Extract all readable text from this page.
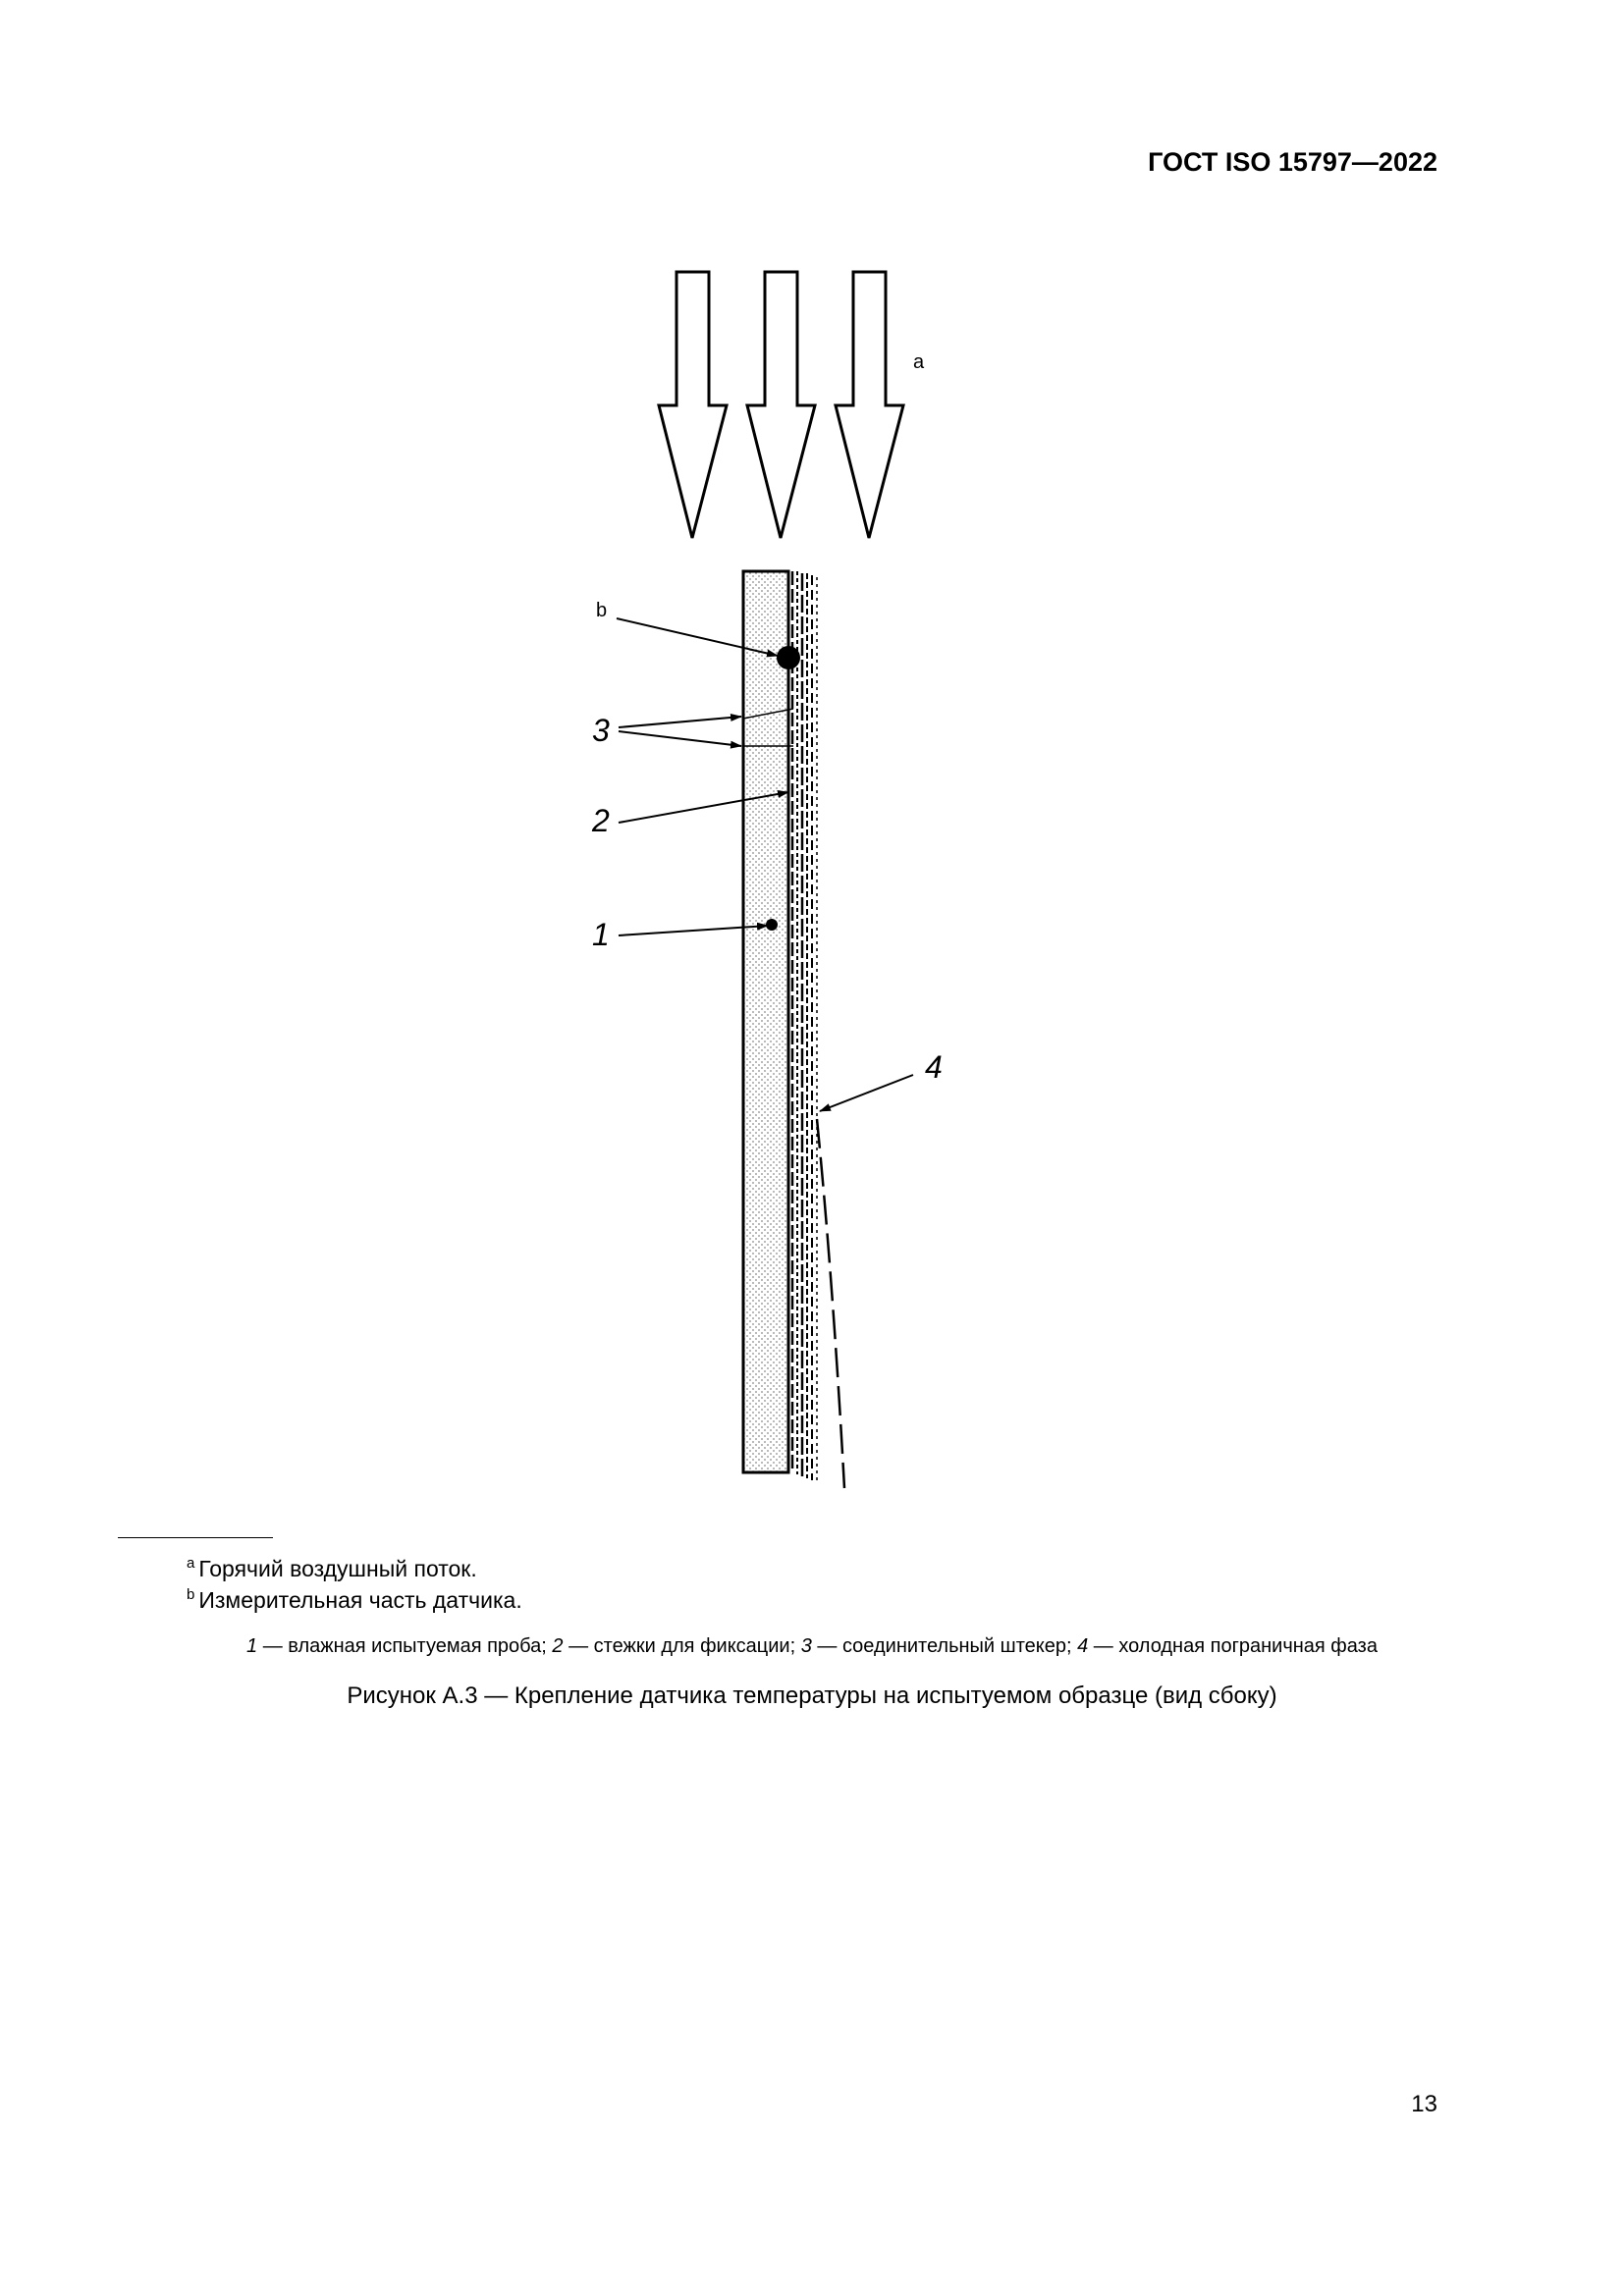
ГОСТ ISO 15797—2022
a
b
3
2
1
4
$^a$ Горячий воздушный поток.
$^b$ Измерительная часть датчика.
1 — влажная испытуемая проба; 2 — стежки для фиксации; 3 — соединительный штекер; 4 — холодная пограничная фаза
Рисунок А.3 — Крепление датчика температуры на испытуемом образце (вид сбоку)
13
